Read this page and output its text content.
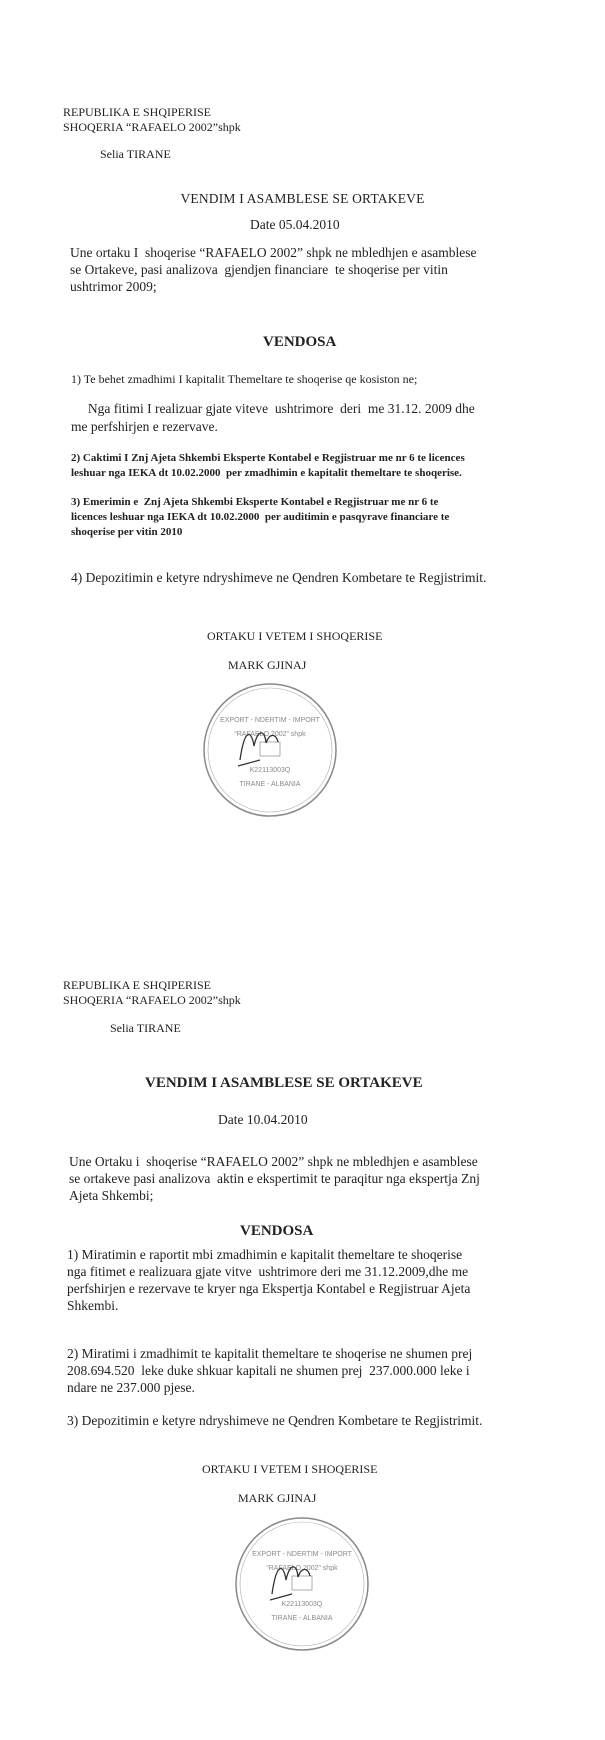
REPUBLIKA E SHQIPERISE
SHOQERIA “RAFAELO 2002”shpk
Selia TIRANE
VENDIM I ASAMBLESE SE ORTAKEVE
Date 05.04.2010
Une ortaku I  shoqerise “RAFAELO 2002” shpk ne mbledhjen e asamblese
se Ortakeve, pasi analizova  gjendjen financiare  te shoqerise per vitin
ushtrimor 2009;
VENDOSA
1) Te behet zmadhimi I kapitalit Themeltare te shoqerise qe kosiston ne;
Nga fitimi I realizuar gjate viteve  ushtrimore  deri  me 31.12. 2009 dhe
me perfshirjen e rezervave.
2) Caktimi I Znj Ajeta Shkembi Eksperte Kontabel e Regjistruar me nr 6 te licences
leshuar nga IEKA dt 10.02.2000  per zmadhimin e kapitalit themeltare te shoqerise.
3) Emerimin e  Znj Ajeta Shkembi Eksperte Kontabel e Regjistruar me nr 6 te
licences leshuar nga IEKA dt 10.02.2000  per auditimin e pasqyrave financiare te
shoqerise per vitin 2010
4) Depozitimin e ketyre ndryshimeve ne Qendren Kombetare te Regjistrimit.
ORTAKU I VETEM I SHOQERISE
MARK GJINAJ
EXPORT - NDERTIM - IMPORT
“RAFAELO 2002” shpk
K22113003Q
TIRANE - ALBANIA
REPUBLIKA E SHQIPERISE
SHOQERIA “RAFAELO 2002”shpk
Selia TIRANE
VENDIM I ASAMBLESE SE ORTAKEVE
Date 10.04.2010
Une Ortaku i  shoqerise “RAFAELO 2002” shpk ne mbledhjen e asamblese
se ortakeve pasi analizova  aktin e ekspertimit te paraqitur nga ekspertja Znj
Ajeta Shkembi;
VENDOSA
1) Miratimin e raportit mbi zmadhimin e kapitalit themeltare te shoqerise
nga fitimet e realizuara gjate vitve  ushtrimore deri me 31.12.2009,dhe me
perfshirjen e rezervave te kryer nga Ekspertja Kontabel e Regjistruar Ajeta
Shkembi.
2) Miratimi i zmadhimit te kapitalit themeltare te shoqerise ne shumen prej
208.694.520  leke duke shkuar kapitali ne shumen prej  237.000.000 leke i
ndare ne 237.000 pjese.
3) Depozitimin e ketyre ndryshimeve ne Qendren Kombetare te Regjistrimit.
ORTAKU I VETEM I SHOQERISE
MARK GJINAJ
EXPORT - NDERTIM - IMPORT
“RAFAELO 2002” shpk
K22113003Q
TIRANE - ALBANIA
